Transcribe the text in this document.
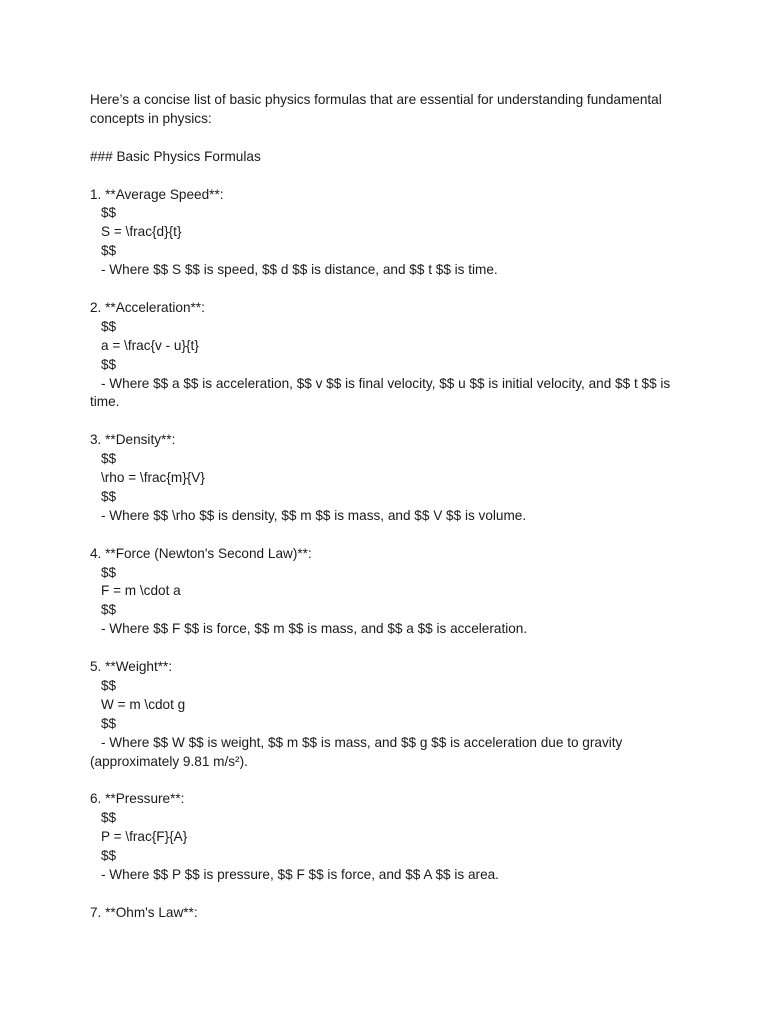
Here’s a concise list of basic physics formulas that are essential for understanding fundamental concepts in physics:
### Basic Physics Formulas
1. **Average Speed**:
$$
S = \frac{d}{t}
$$
- Where $$ S $$ is speed, $$ d $$ is distance, and $$ t $$ is time.
2. **Acceleration**:
$$
a = \frac{v - u}{t}
$$
- Where $$ a $$ is acceleration, $$ v $$ is final velocity, $$ u $$ is initial velocity, and $$ t $$ is time.
3. **Density**:
$$
\rho = \frac{m}{V}
$$
- Where $$ \rho $$ is density, $$ m $$ is mass, and $$ V $$ is volume.
4. **Force (Newton's Second Law)**:
$$
F = m \cdot a
$$
- Where $$ F $$ is force, $$ m $$ is mass, and $$ a $$ is acceleration.
5. **Weight**:
$$
W = m \cdot g
$$
- Where $$ W $$ is weight, $$ m $$ is mass, and $$ g $$ is acceleration due to gravity (approximately 9.81 m/s²).
6. **Pressure**:
$$
P = \frac{F}{A}
$$
- Where $$ P $$ is pressure, $$ F $$ is force, and $$ A $$ is area.
7. **Ohm's Law**:
